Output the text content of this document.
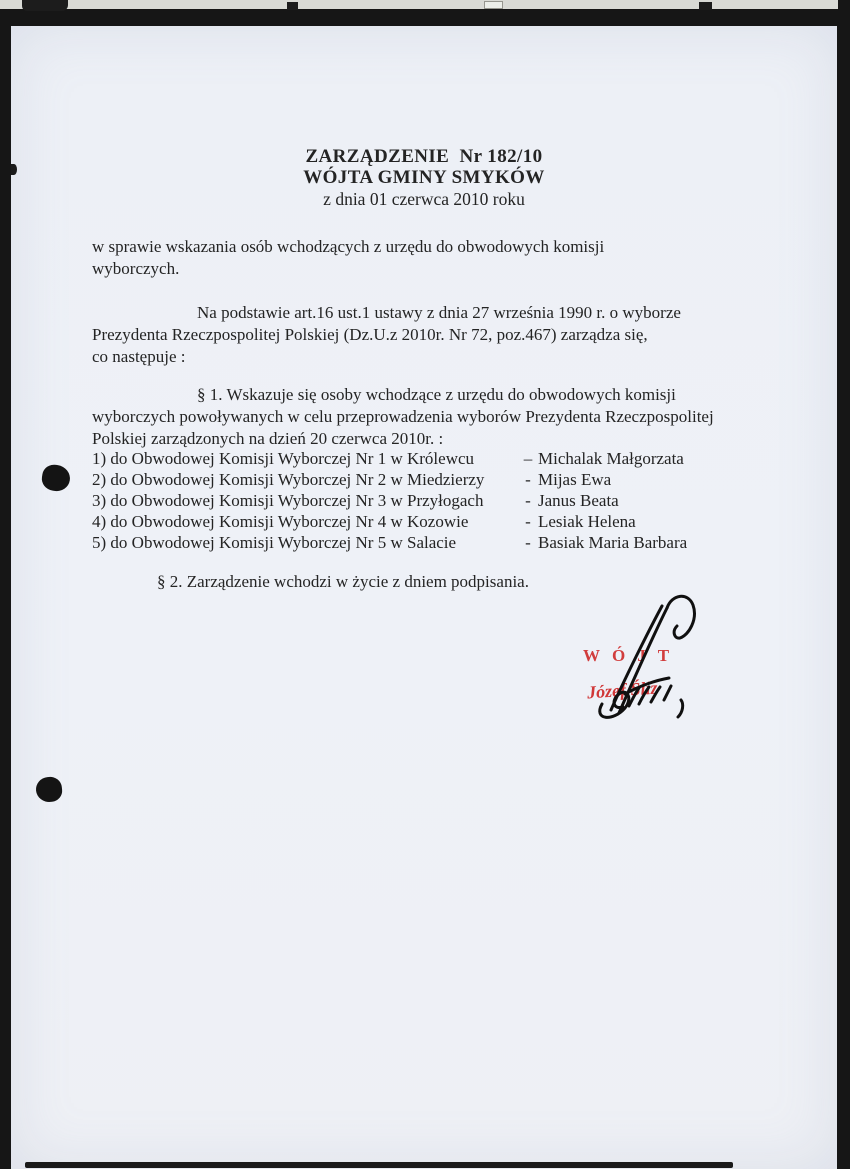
ZARZĄDZENIE  Nr 182/10
WÓJTA GMINY SMYKÓW
z dnia 01 czerwca 2010 roku
w sprawie wskazania osób wchodzących z urzędu do obwodowych komisji
wyborczych.
Na podstawie art.16 ust.1 ustawy z dnia 27 września 1990 r. o wyborze
Prezydenta Rzeczpospolitej Polskiej (Dz.U.z 2010r. Nr 72, poz.467) zarządza się,
co następuje :
§ 1. Wskazuje się osoby wchodzące z urzędu do obwodowych komisji
wyborczych powoływanych w celu przeprowadzenia wyborów Prezydenta Rzeczpospolitej
Polskiej zarządzonych na dzień 20 czerwca 2010r. :
1) do Obwodowej Komisji Wyborczej Nr 1 w Królewcu	– Michalak Małgorzata
2) do Obwodowej Komisji Wyborczej Nr 2 w Miedzierzy	- Mijas Ewa
3) do Obwodowej Komisji Wyborczej Nr 3 w Przyłogach	- Janus Beata
4) do Obwodowej Komisji Wyborczej Nr 4 w Kozowie	- Lesiak Helena
5) do Obwodowej Komisji Wyborczej Nr 5 w Salacie	- Basiak Maria Barbara
§ 2. Zarządzenie wchodzi w życie z dniem podpisania.
WÓJT
Józef Śliz
